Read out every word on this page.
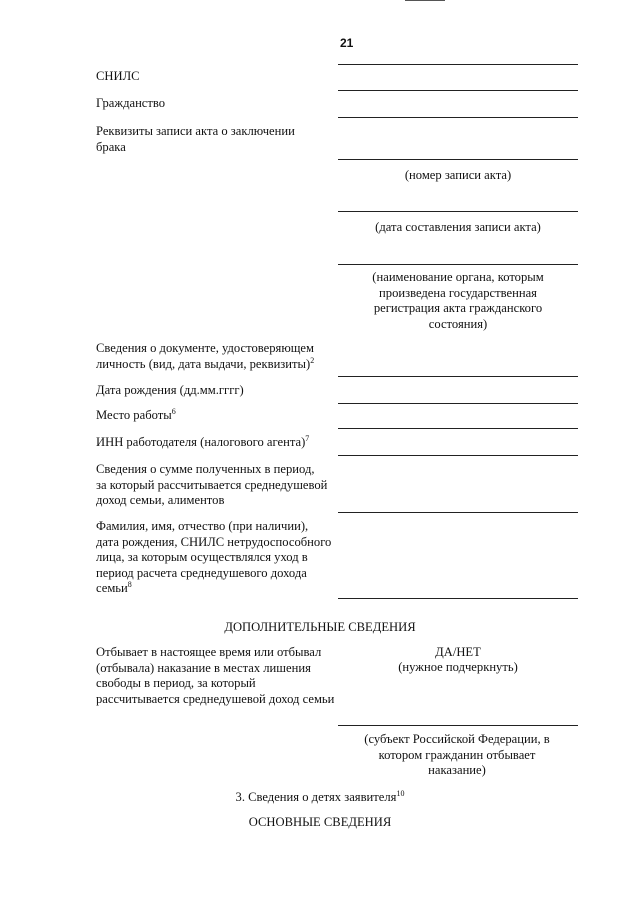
21
СНИЛС
Гражданство
Реквизиты записи акта о заключении брака
(номер записи акта)
(дата составления записи акта)
(наименование органа, которым произведена государственная регистрация акта гражданского состояния)
Сведения о документе, удостоверяющем личность (вид, дата выдачи, реквизиты)$^2$
Дата рождения (дд.мм.гггг)
Место работы$^6$
ИНН работодателя (налогового агента)$^7$
Сведения о сумме полученных в период, за который рассчитывается среднедушевой доход семьи, алиментов
Фамилия, имя, отчество (при наличии), дата рождения, СНИЛС нетрудоспособного лица, за которым осуществлялся уход в период расчета среднедушевого дохода семьи$^8$
ДОПОЛНИТЕЛЬНЫЕ СВЕДЕНИЯ
Отбывает в настоящее время или отбывал (отбывала) наказание в местах лишения свободы в период, за который рассчитывается среднедушевой доход семьи
ДА/НЕТ
(нужное подчеркнуть)
(субъект Российской Федерации, в котором гражданин отбывает наказание)
3. Сведения о детях заявителя$^{10}$
ОСНОВНЫЕ СВЕДЕНИЯ
